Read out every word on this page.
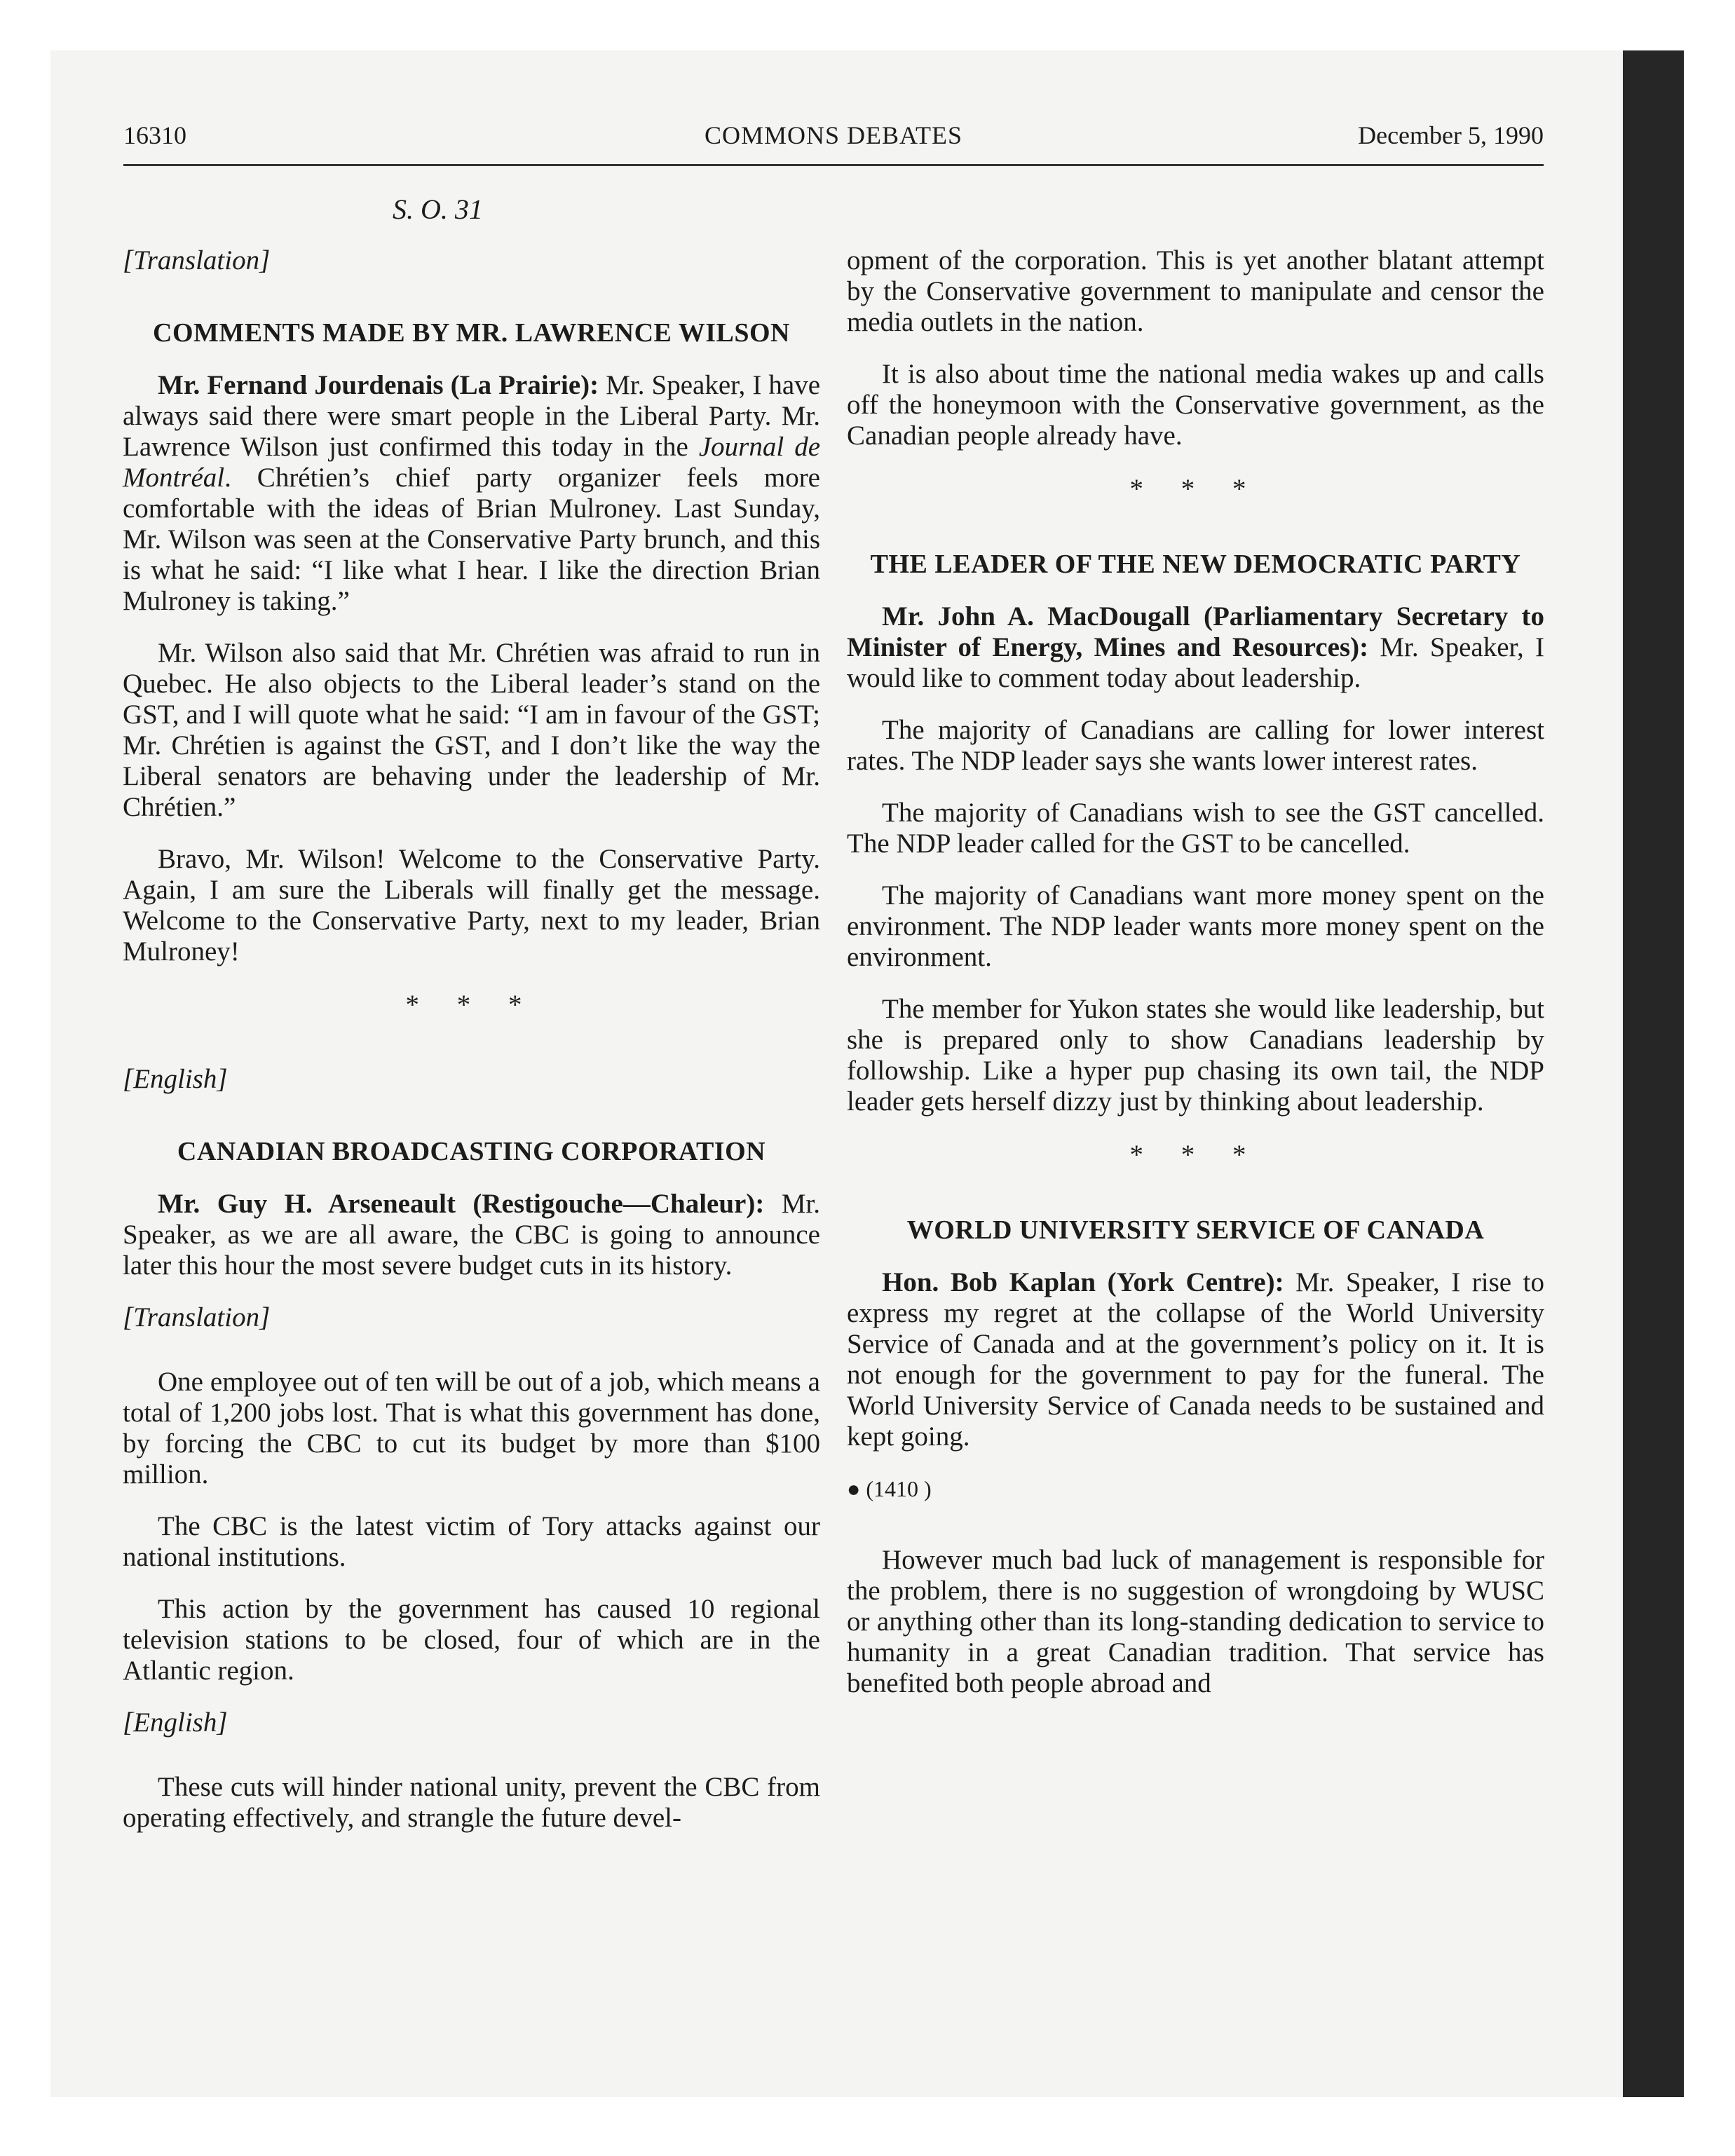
16310	COMMONS DEBATES	December 5, 1990
S. O. 31
[Translation]
COMMENTS MADE BY MR. LAWRENCE WILSON

Mr. Fernand Jourdenais (La Prairie): Mr. Speaker, I have always said there were smart people in the Liberal Party. Mr. Lawrence Wilson just confirmed this today in the Journal de Montréal. Chrétien’s chief party organizer feels more comfortable with the ideas of Brian Mulroney. Last Sunday, Mr. Wilson was seen at the Conservative Party brunch, and this is what he said: “I like what I hear. I like the direction Brian Mulroney is taking.”

Mr. Wilson also said that Mr. Chrétien was afraid to run in Quebec. He also objects to the Liberal leader’s stand on the GST, and I will quote what he said: “I am in favour of the GST; Mr. Chrétien is against the GST, and I don’t like the way the Liberal senators are behaving under the leadership of Mr. Chrétien.”

Bravo, Mr. Wilson! Welcome to the Conservative Party. Again, I am sure the Liberals will finally get the message. Welcome to the Conservative Party, next to my leader, Brian Mulroney!

* * *
[English]
CANADIAN BROADCASTING CORPORATION

Mr. Guy H. Arseneault (Restigouche—Chaleur): Mr. Speaker, as we are all aware, the CBC is going to announce later this hour the most severe budget cuts in its history.

[Translation]

One employee out of ten will be out of a job, which means a total of 1,200 jobs lost. That is what this government has done, by forcing the CBC to cut its budget by more than $100 million.

The CBC is the latest victim of Tory attacks against our national institutions.

This action by the government has caused 10 regional television stations to be closed, four of which are in the Atlantic region.

[English]

These cuts will hinder national unity, prevent the CBC from operating effectively, and strangle the future devel-

opment of the corporation. This is yet another blatant attempt by the Conservative government to manipulate and censor the media outlets in the nation.

It is also about time the national media wakes up and calls off the honeymoon with the Conservative government, as the Canadian people already have.

* * *
THE LEADER OF THE NEW DEMOCRATIC PARTY

Mr. John A. MacDougall (Parliamentary Secretary to Minister of Energy, Mines and Resources): Mr. Speaker, I would like to comment today about leadership.

The majority of Canadians are calling for lower interest rates. The NDP leader says she wants lower interest rates.

The majority of Canadians wish to see the GST cancelled. The NDP leader called for the GST to be cancelled.

The majority of Canadians want more money spent on the environment. The NDP leader wants more money spent on the environment.

The member for Yukon states she would like leadership, but she is prepared only to show Canadians leadership by followship. Like a hyper pup chasing its own tail, the NDP leader gets herself dizzy just by thinking about leadership.

* * *
WORLD UNIVERSITY SERVICE OF CANADA

Hon. Bob Kaplan (York Centre): Mr. Speaker, I rise to express my regret at the collapse of the World University Service of Canada and at the government’s policy on it. It is not enough for the government to pay for the funeral. The World University Service of Canada needs to be sustained and kept going.

● (1410 )

However much bad luck of management is responsible for the problem, there is no suggestion of wrongdoing by WUSC or anything other than its long-standing dedication to service to humanity in a great Canadian tradition. That service has benefited both people abroad and
